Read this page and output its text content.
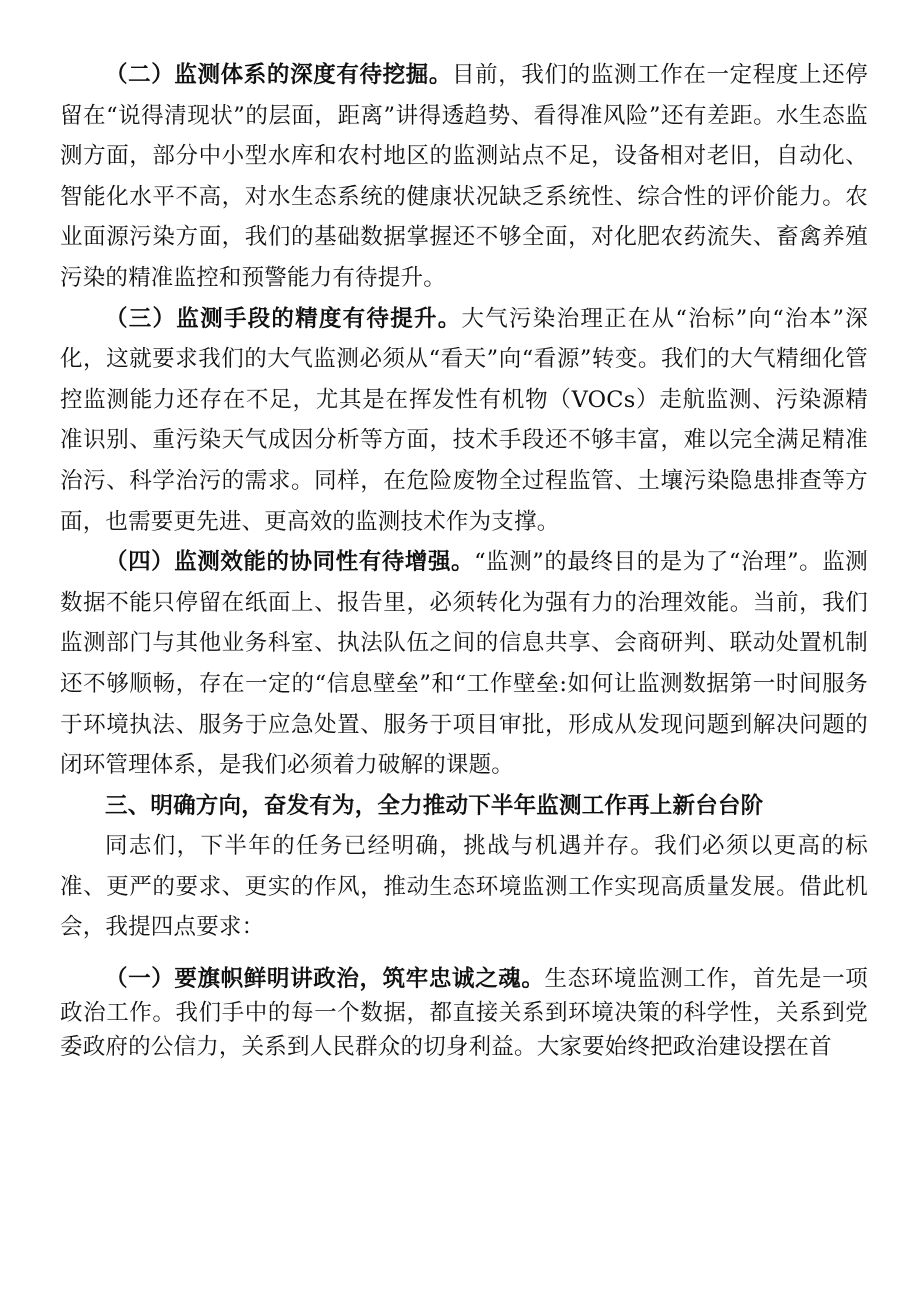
（二）监测体系的深度有待挖掘。目前，我们的监测工作在一定程度上还停留在“说得清现状”的层面，距离”讲得透趋势、看得准风险”还有差距。水生态监测方面，部分中小型水库和农村地区的监测站点不足，设备相对老旧，自动化、智能化水平不高，对水生态系统的健康状况缺乏系统性、综合性的评价能力。农业面源污染方面，我们的基础数据掌握还不够全面，对化肥农药流失、畜禽养殖污染的精准监控和预警能力有待提升。

（三）监测手段的精度有待提升。大气污染治理正在从“治标”向“治本”深化，这就要求我们的大气监测必须从“看天”向“看源”转变。我们的大气精细化管控监测能力还存在不足，尤其是在挥发性有机物（VOCs）走航监测、污染源精准识别、重污染天气成因分析等方面，技术手段还不够丰富，难以完全满足精准治污、科学治污的需求。同样，在危险废物全过程监管、土壤污染隐患排查等方面，也需要更先进、更高效的监测技术作为支撑。

（四）监测效能的协同性有待增强。“监测”的最终目的是为了“治理”。监测数据不能只停留在纸面上、报告里，必须转化为强有力的治理效能。当前，我们监测部门与其他业务科室、执法队伍之间的信息共享、会商研判、联动处置机制还不够顺畅，存在一定的“信息壁垒”和“工作壁垒:如何让监测数据第一时间服务于环境执法、服务于应急处置、服务于项目审批，形成从发现问题到解决问题的闭环管理体系，是我们必须着力破解的课题。

三、明确方向，奋发有为，全力推动下半年监测工作再上新台台阶

同志们，下半年的任务已经明确，挑战与机遇并存。我们必须以更高的标准、更严的要求、更实的作风，推动生态环境监测工作实现高质量发展。借此机会，我提四点要求：

（一）要旗帜鲜明讲政治，筑牢忠诚之魂。生态环境监测工作，首先是一项政治工作。我们手中的每一个数据，都直接关系到环境决策的科学性，关系到党委政府的公信力，关系到人民群众的切身利益。大家要始终把政治建设摆在首
